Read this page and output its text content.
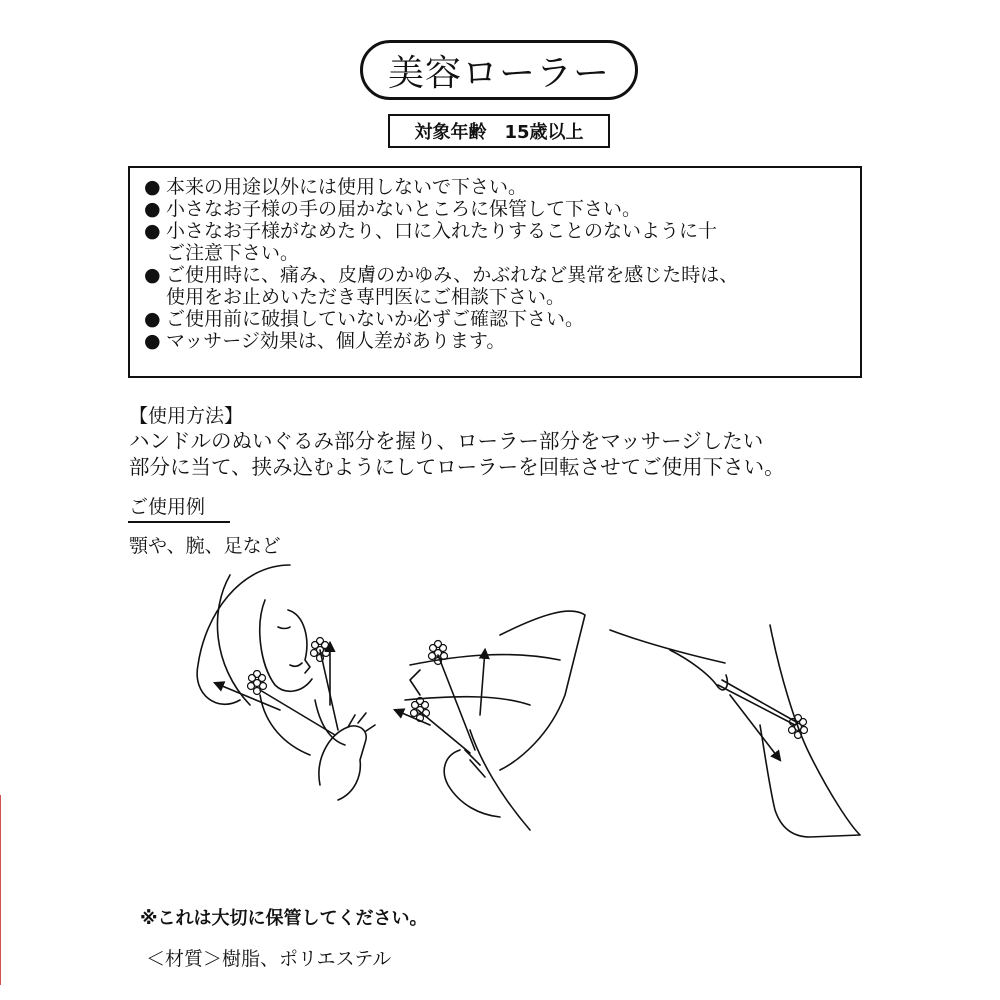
美容ローラー
対象年齢　15歳以上
● 本来の用途以外には使用しないで下さい。
● 小さなお子様の手の届かないところに保管して下さい。
● 小さなお子様がなめたり、口に入れたりすることのないように十
ご注意下さい。
● ご使用時に、痛み、皮膚のかゆみ、かぶれなど異常を感じた時は、
使用をお止めいただき専門医にご相談下さい。
● ご使用前に破損していないか必ずご確認下さい。
● マッサージ効果は、個人差があります。
【使用方法】
ハンドルのぬいぐるみ部分を握り、ローラー部分をマッサージしたい
部分に当て、挟み込むようにしてローラーを回転させてご使用下さい。
ご使用例
顎や、腕、足など
※これは大切に保管してください。
＜材質＞樹脂、ポリエステル
